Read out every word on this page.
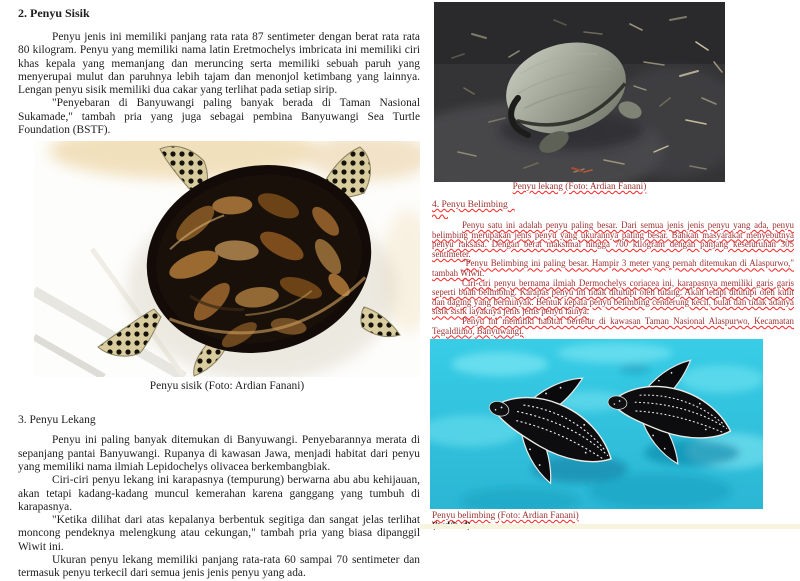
2. Penyu Sisik

Penyu jenis ini memiliki panjang rata rata 87 sentimeter dengan berat rata rata 80 kilogram. Penyu yang memiliki nama latin Eretmochelys imbricata ini memiliki ciri khas kepala yang memanjang dan meruncing serta memiliki sebuah paruh yang menyerupai mulut dan paruhnya lebih tajam dan menonjol ketimbang yang lainnya. Lengan penyu sisik memiliki dua cakar yang terlihat pada setiap sirip.

"Penyebaran di Banyuwangi paling banyak berada di Taman Nasional Sukamade," tambah pria yang juga sebagai pembina Banyuwangi Sea Turtle Foundation (BSTF).

Penyu sisik (Foto: Ardian Fanani)
3. Penyu Lekang

Penyu ini paling banyak ditemukan di Banyuwangi. Penyebarannya merata di sepanjang pantai Banyuwangi. Rupanya di kawasan Jawa, menjadi habitat dari penyu yang memiliki nama ilmiah Lepidochelys olivacea berkembangbiak.

Ciri-ciri penyu lekang ini karapasnya (tempurung) berwarna abu abu kehijauan, akan tetapi kadang-kadang muncul kemerahan karena ganggang yang tumbuh di karapasnya.

"Ketika dilihat dari atas kepalanya berbentuk segitiga dan sangat jelas terlihat moncong pendeknya melengkung atau cekungan," tambah pria yang biasa dipanggil Wiwit ini.

Ukuran penyu lekang memiliki panjang rata-rata 60 sampai 70 sentimeter dan termasuk penyu terkecil dari semua jenis jenis penyu yang ada.

Penyu lekang (Foto: Ardian Fanani)
4. Penyu Belimbing

Penyu satu ini adalah penyu paling besar. Dari semua jenis jenis penyu yang ada, penyu belimbing merupakan jenis penyu yang ukurannya paling besar. Bahkan masyarakat menyebutnya penyu raksasa. Dengan berat maksimal hingga 700 kilogram dengan panjang keseluruhan 305 sentimeter.

"Penyu Belimbing ini paling besar. Hampir 3 meter yang pernah ditemukan di Alaspurwo," tambah Wiwit.

Ciri-ciri penyu bernama ilmiah Dermochelys coriacea ini, karapasnya memiliki garis garis seperti buah belimbing. Karapas penyu ini tidak ditutupi oleh tulang. Akan tetapi ditutupi oleh kulit dan daging yang berminyak. Bentuk kepala penyu belimbing cenderung kecil, bulat dan tidak adanya sisik sisik layaknya jenis jenis penyu lainya.

Penyu ini memiliki habitat bertelur di kawasan Taman Nasional Alaspurwo, Kecamatan Tegaldlimo, Banyuwangi.

Penyu belimbing (Foto: Ardian Fanani)
